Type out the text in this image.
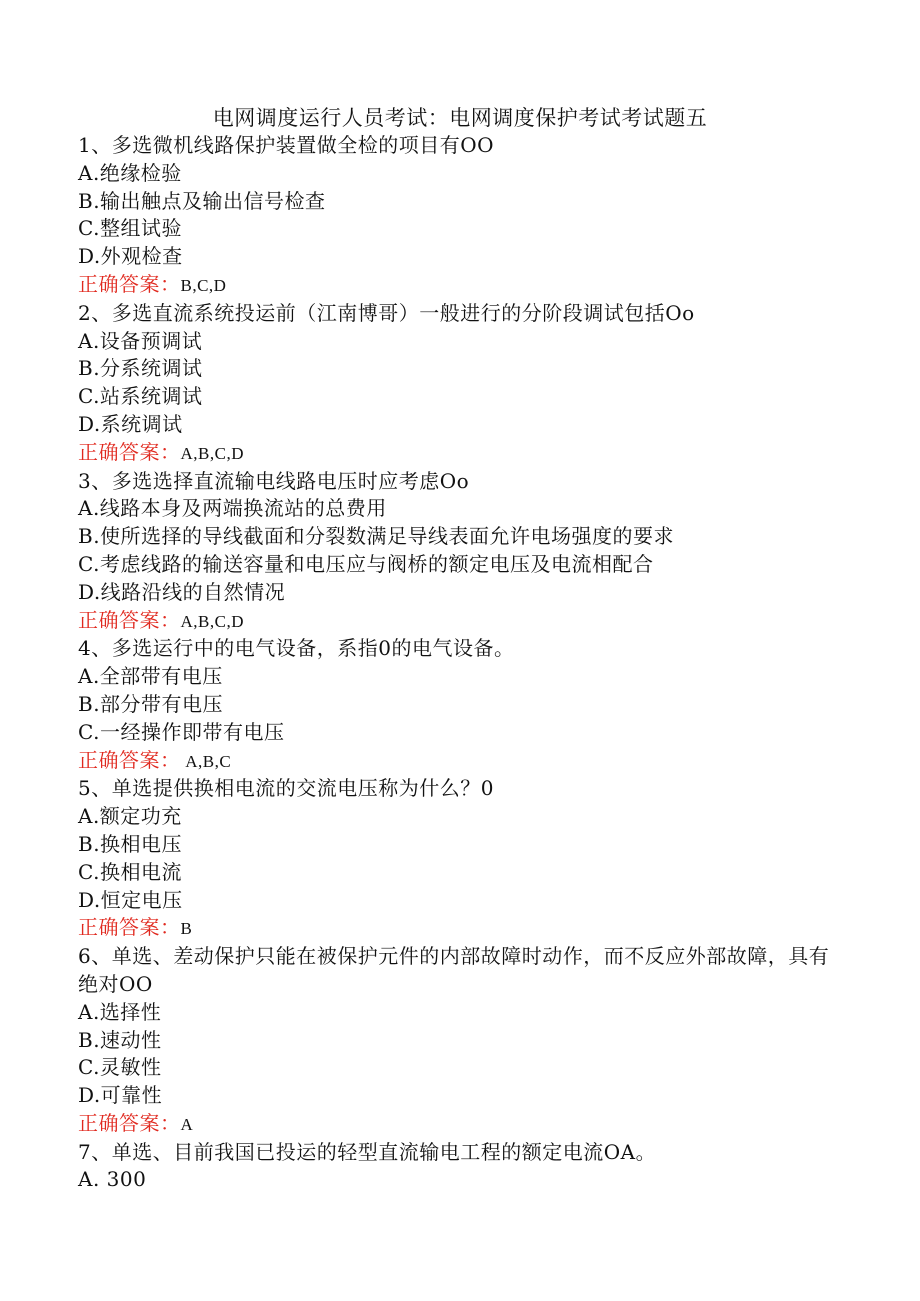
电网调度运行人员考试：电网调度保护考试考试题五
1、多选微机线路保护装置做全检的项目有OO
A.绝缘检验
B.输出触点及输出信号检查
C.整组试验
D.外观检查
正确答案：B,C,D
2、多选直流系统投运前（江南博哥）一般进行的分阶段调试包括Oo
A.设备预调试
B.分系统调试
C.站系统调试
D.系统调试
正确答案：A,B,C,D
3、多选选择直流输电线路电压时应考虑Oo
A.线路本身及两端换流站的总费用
B.使所选择的导线截面和分裂数满足导线表面允许电场强度的要求
C.考虑线路的输送容量和电压应与阀桥的额定电压及电流相配合
D.线路沿线的自然情况
正确答案：A,B,C,D
4、多选运行中的电气设备，系指0的电气设备。
A.全部带有电压
B.部分带有电压
C.一经操作即带有电压
正确答案： A,B,C
5、单选提供换相电流的交流电压称为什么？0
A.额定功充
B.换相电压
C.换相电流
D.恒定电压
正确答案：B
6、单选、差动保护只能在被保护元件的内部故障时动作，而不反应外部故障，具有绝对OO
A.选择性
B.速动性
C.灵敏性
D.可靠性
正确答案：A
7、单选、目前我国已投运的轻型直流输电工程的额定电流OA。
A. 300
